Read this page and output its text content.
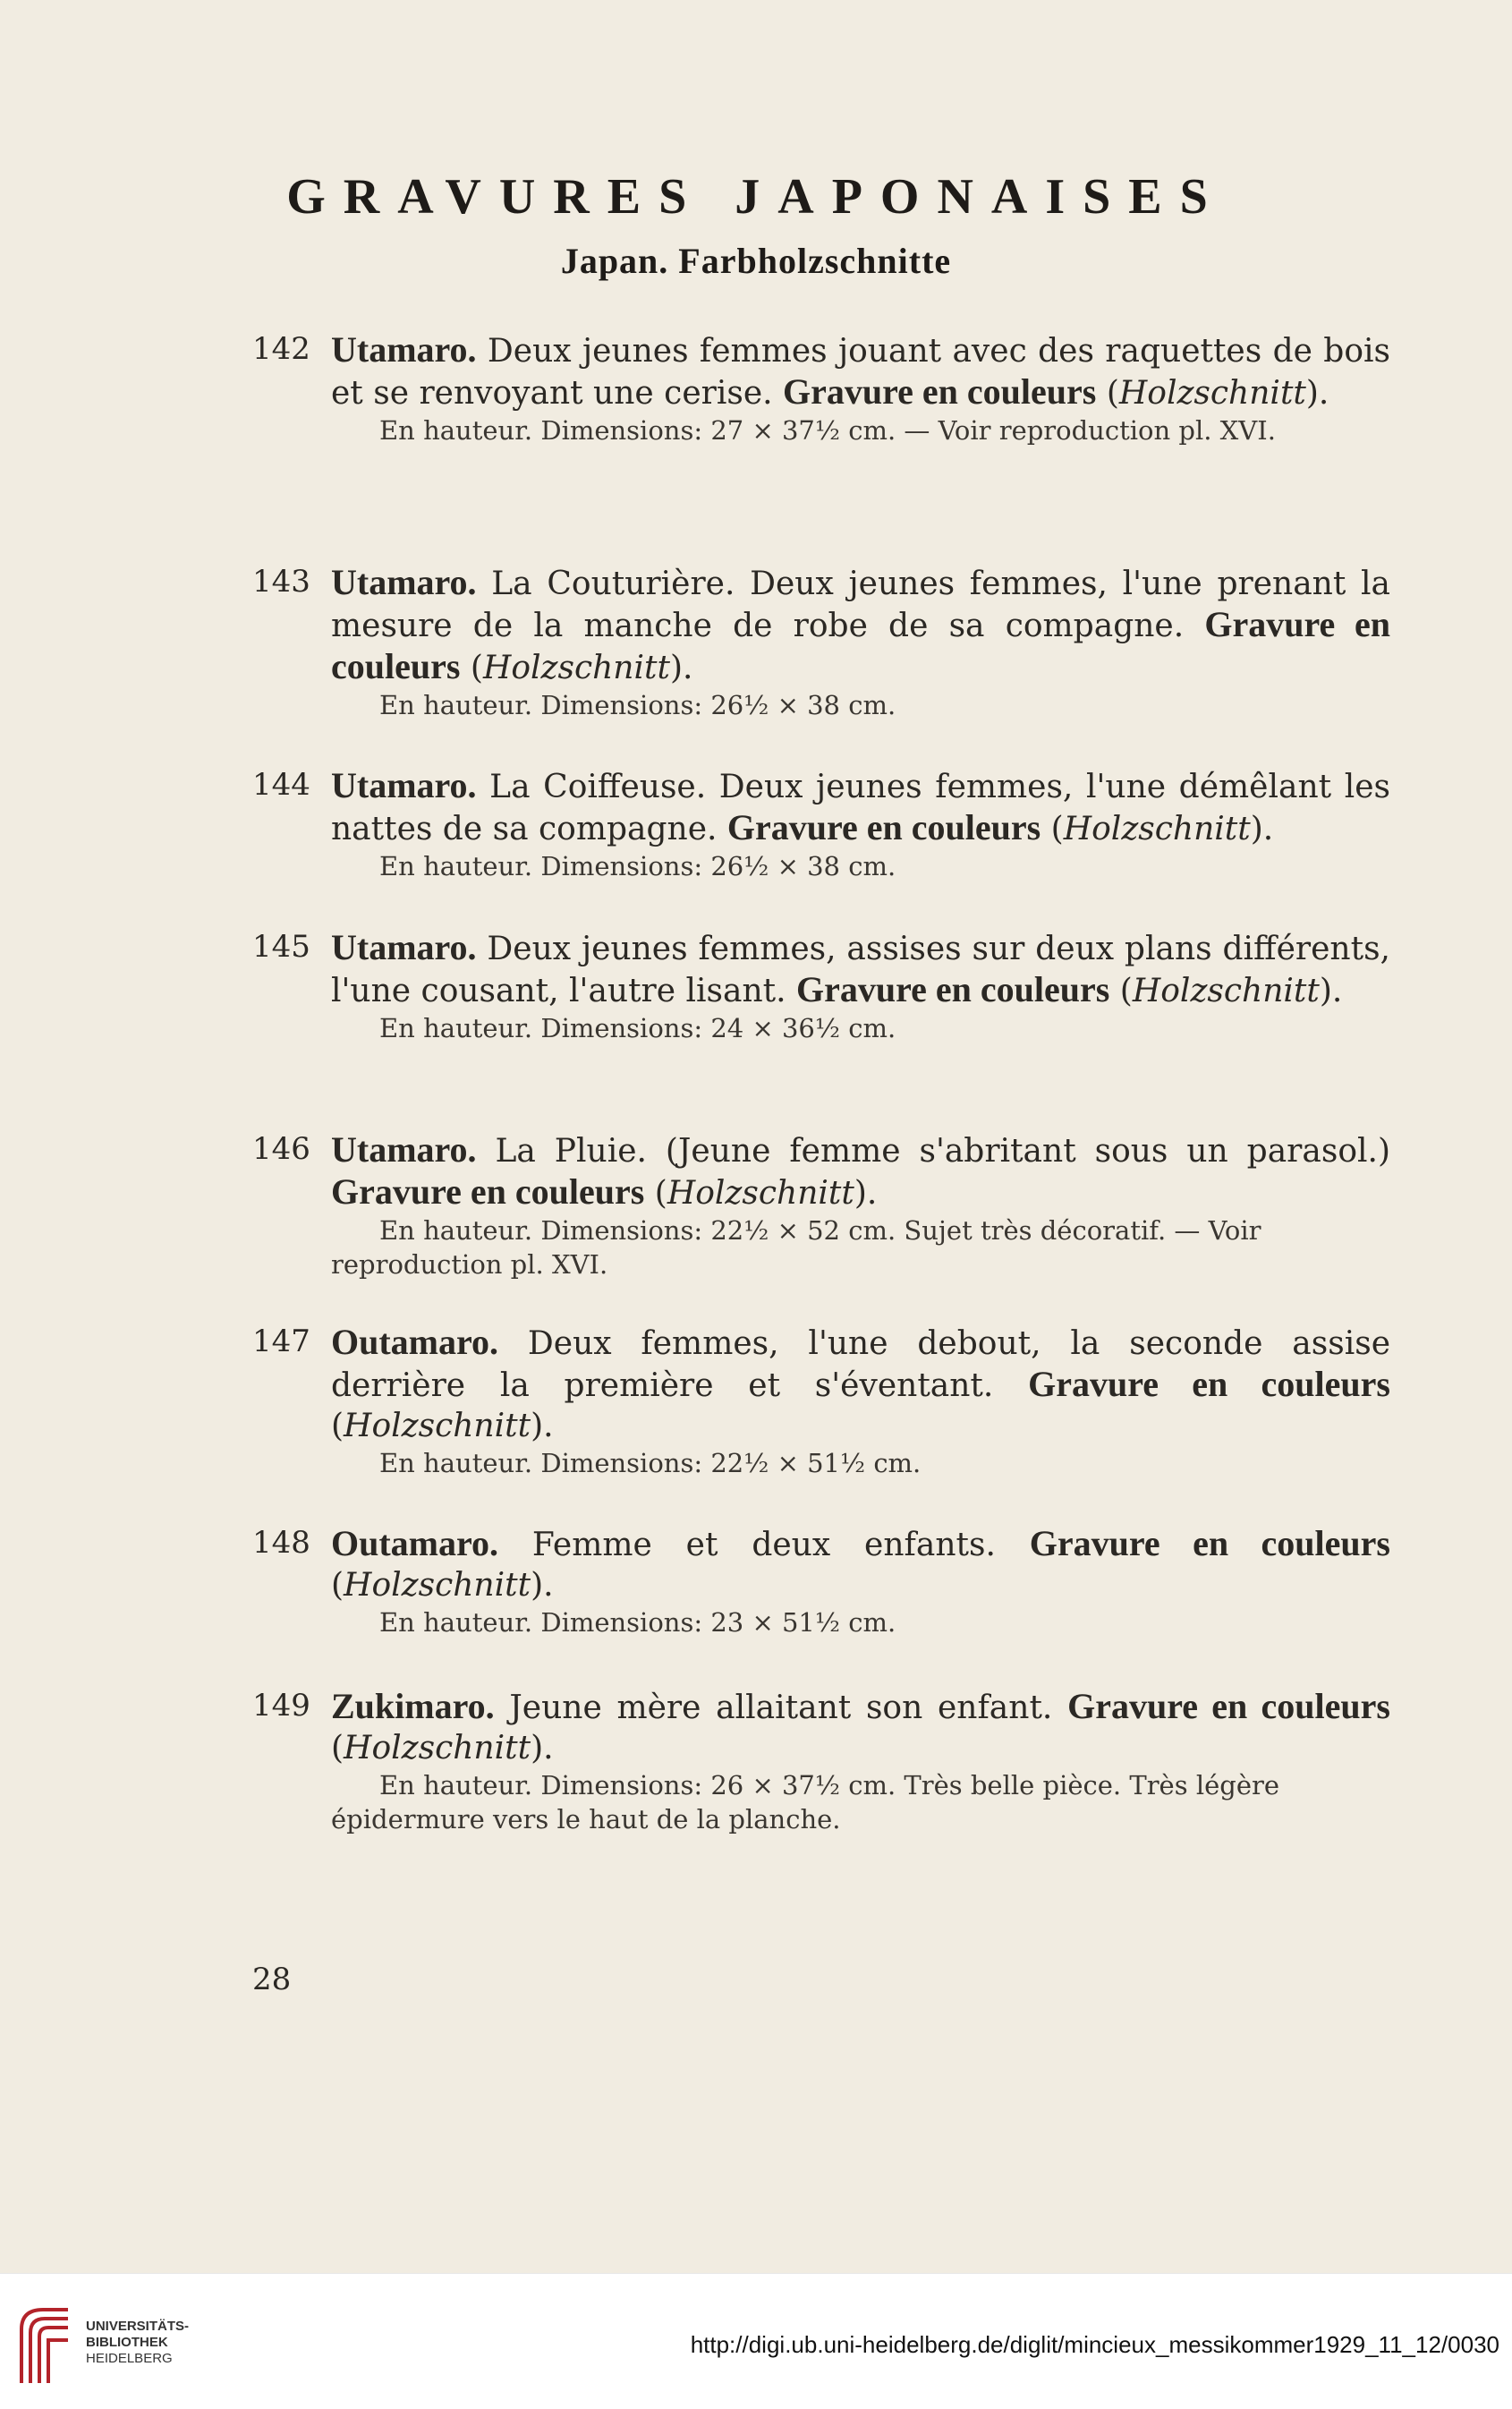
GRAVURES JAPONAISES
Japan. Farbholzschnitte
142 Utamaro. Deux jeunes femmes jouant avec des raquettes de bois et se renvoyant une cerise. Gravure en couleurs (Holzschnitt).
En hauteur. Dimensions: 27 × 37½ cm. — Voir reproduction pl. XVI.
143 Utamaro. La Couturière. Deux jeunes femmes, l'une prenant la mesure de la manche de robe de sa compagne. Gravure en couleurs (Holzschnitt).
En hauteur. Dimensions: 26½ × 38 cm.
144 Utamaro. La Coiffeuse. Deux jeunes femmes, l'une démêlant les nattes de sa compagne. Gravure en couleurs (Holzschnitt).
En hauteur. Dimensions: 26½ × 38 cm.
145 Utamaro. Deux jeunes femmes, assises sur deux plans différents, l'une cousant, l'autre lisant. Gravure en couleurs (Holzschnitt).
En hauteur. Dimensions: 24 × 36½ cm.
146 Utamaro. La Pluie. (Jeune femme s'abritant sous un parasol.) Gravure en couleurs (Holzschnitt).
En hauteur. Dimensions: 22½ × 52 cm. Sujet très décoratif. — Voir reproduction pl. XVI.
147 Outamaro. Deux femmes, l'une debout, la seconde assise derrière la première et s'éventant. Gravure en couleurs (Holzschnitt).
En hauteur. Dimensions: 22½ × 51½ cm.
148 Outamaro. Femme et deux enfants. Gravure en couleurs (Holzschnitt).
En hauteur. Dimensions: 23 × 51½ cm.
149 Zukimaro. Jeune mère allaitant son enfant. Gravure en couleurs (Holzschnitt).
En hauteur. Dimensions: 26 × 37½ cm. Très belle pièce. Très légère épidermure vers le haut de la planche.
28
UNIVERSITÄTS-
BIBLIOTHEK
HEIDELBERG
http://digi.ub.uni-heidelberg.de/diglit/mincieux_messikommer1929_11_12/0030
